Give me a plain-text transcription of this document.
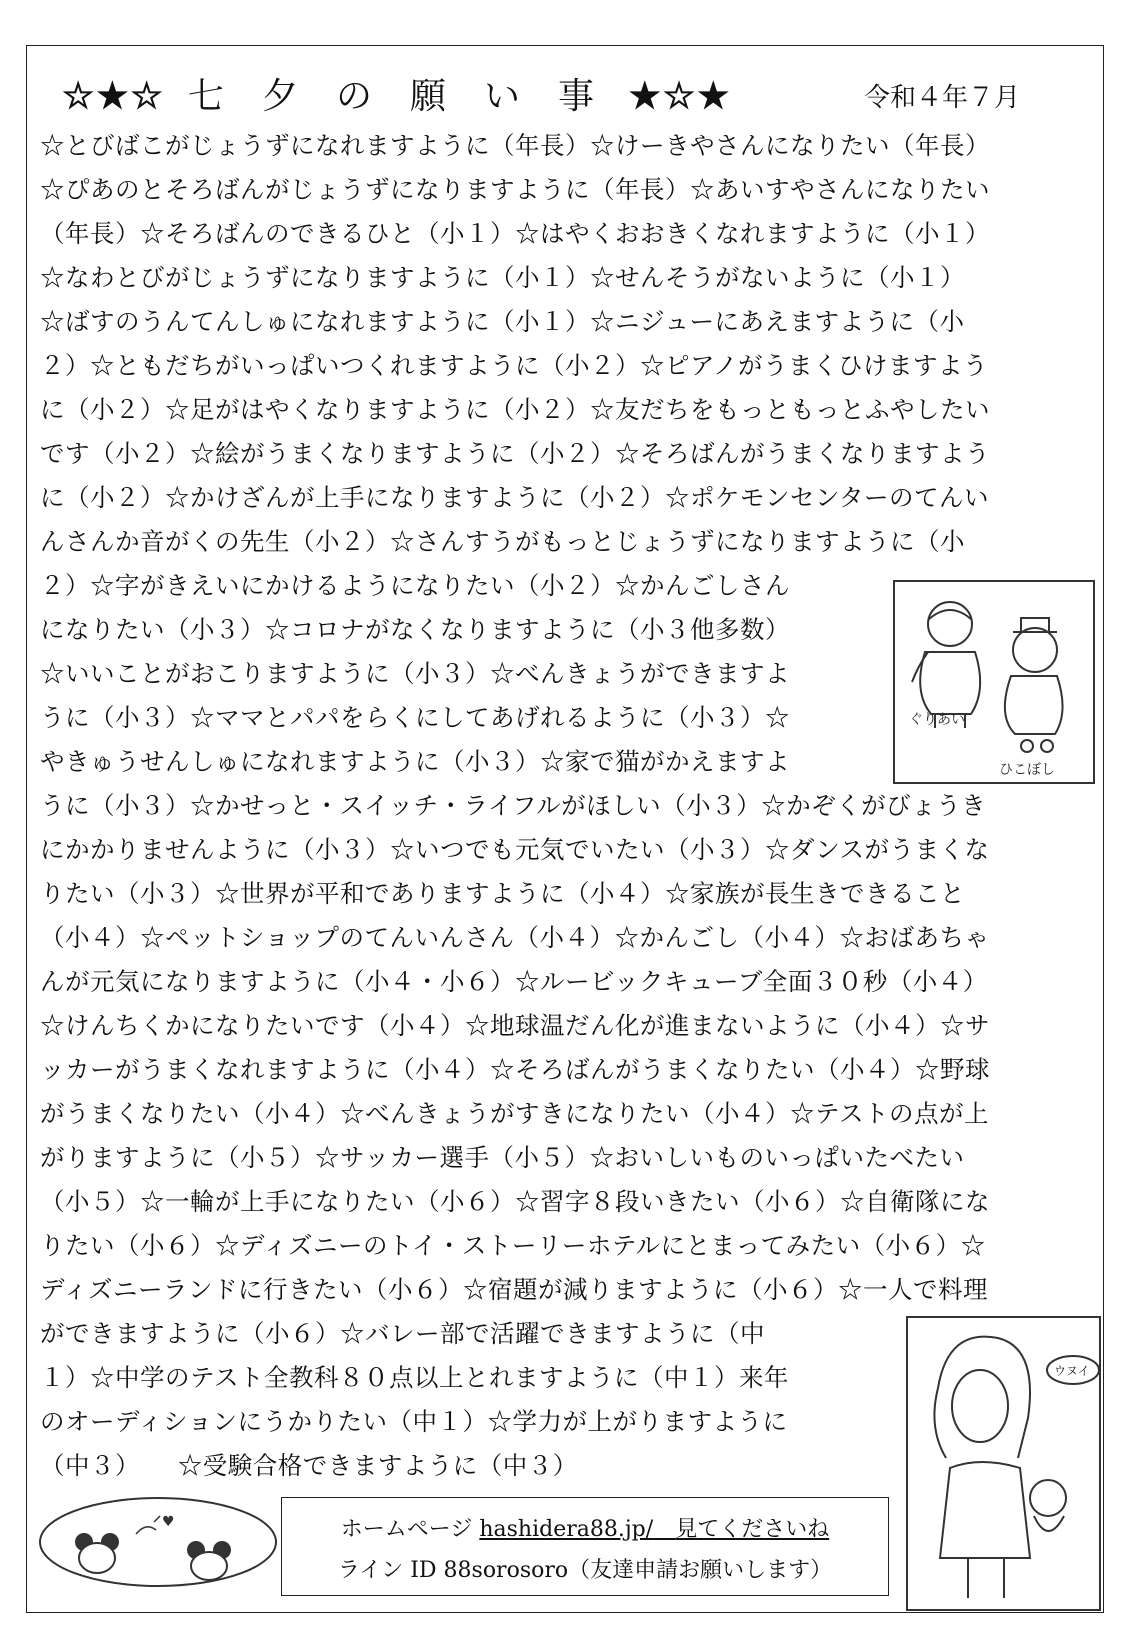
☆★☆ 七 夕 の 願 い 事 ★☆★	令和４年７月
☆とびばこがじょうずになれますように（年長）☆けーきやさんになりたい（年長）
☆ぴあのとそろばんがじょうずになりますように（年長）☆あいすやさんになりたい
（年長）☆そろばんのできるひと（小１）☆はやくおおきくなれますように（小１）
☆なわとびがじょうずになりますように（小１）☆せんそうがないように（小１）
☆ばすのうんてんしゅになれますように（小１）☆ニジューにあえますように（小
２）☆ともだちがいっぱいつくれますように（小２）☆ピアノがうまくひけますよう
に（小２）☆足がはやくなりますように（小２）☆友だちをもっともっとふやしたい
です（小２）☆絵がうまくなりますように（小２）☆そろばんがうまくなりますよう
に（小２）☆かけざんが上手になりますように（小２）☆ポケモンセンターのてんい
んさんか音がくの先生（小２）☆さんすうがもっとじょうずになりますように（小
２）☆字がきえいにかけるようになりたい（小２）☆かんごしさん
になりたい（小３）☆コロナがなくなりますように（小３他多数）
☆いいことがおこりますように（小３）☆べんきょうができますよ
うに（小３）☆ママとパパをらくにしてあげれるように（小３）☆
やきゅうせんしゅになれますように（小３）☆家で猫がかえますよ
うに（小３）☆かせっと・スイッチ・ライフルがほしい（小３）☆かぞくがびょうき
にかかりませんように（小３）☆いつでも元気でいたい（小３）☆ダンスがうまくな
りたい（小３）☆世界が平和でありますように（小４）☆家族が長生きできること
（小４）☆ペットショップのてんいんさん（小４）☆かんごし（小４）☆おばあちゃ
んが元気になりますように（小４・小６）☆ルービックキューブ全面３０秒（小４）
☆けんちくかになりたいです（小４）☆地球温だん化が進まないように（小４）☆サ
ッカーがうまくなれますように（小４）☆そろばんがうまくなりたい（小４）☆野球
がうまくなりたい（小４）☆べんきょうがすきになりたい（小４）☆テストの点が上
がりますように（小５）☆サッカー選手（小５）☆おいしいものいっぱいたべたい
（小５）☆一輪が上手になりたい（小６）☆習字８段いきたい（小６）☆自衛隊にな
りたい（小６）☆ディズニーのトイ・ストーリーホテルにとまってみたい（小６）☆
ディズニーランドに行きたい（小６）☆宿題が減りますように（小６）☆一人で料理
ができますように（小６）☆バレー部で活躍できますように（中
１）☆中学のテスト全教科８０点以上とれますように（中１）来年
のオーディションにうかりたい（中１）☆学力が上がりますように
（中３）　　☆受験合格できますように（中３）
ぐりあい
ひこぼし
ウヌイ
♥	ホームページ hashidera88.jp/　 見てくださいね
ライン ID 88sorosoro（友達申請お願いします）
